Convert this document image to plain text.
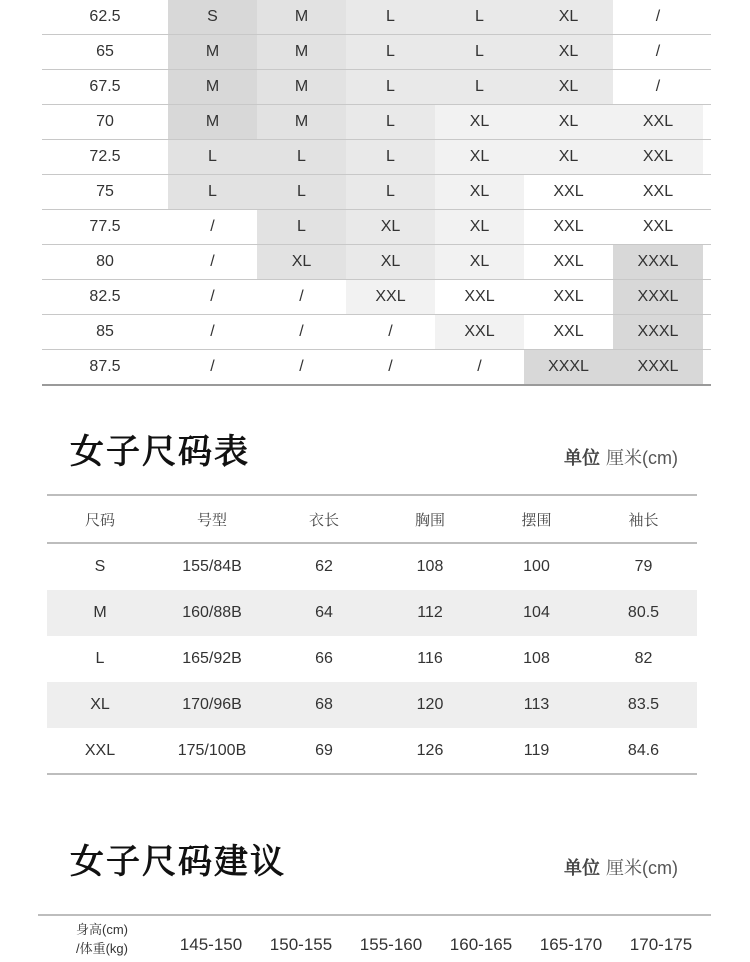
62.5	S	M	L	L	XL	/
65	M	M	L	L	XL	/
67.5	M	M	L	L	XL	/
70	M	M	L	XL	XL	XXL
72.5	L	L	L	XL	XL	XXL
75	L	L	L	XL	XXL	XXL
77.5	/	L	XL	XL	XXL	XXL
80	/	XL	XL	XL	XXL	XXXL
82.5	/	/	XXL	XXL	XXL	XXXL
85	/	/	/	XXL	XXL	XXXL
87.5	/	/	/	/	XXXL	XXXL
女子尺码表	单位 厘米(cm)
尺码	号型	衣长	胸围	摆围	袖长
S	155/84B	62	108	100	79
M	160/88B	64	112	104	80.5
L	165/92B	66	116	108	82
XL	170/96B	68	120	113	83.5
XXL	175/100B	69	126	119	84.6
女子尺码建议	单位 厘米(cm)
身高(cm)
/体重(kg)	145-150	150-155	155-160	160-165	165-170	170-175
